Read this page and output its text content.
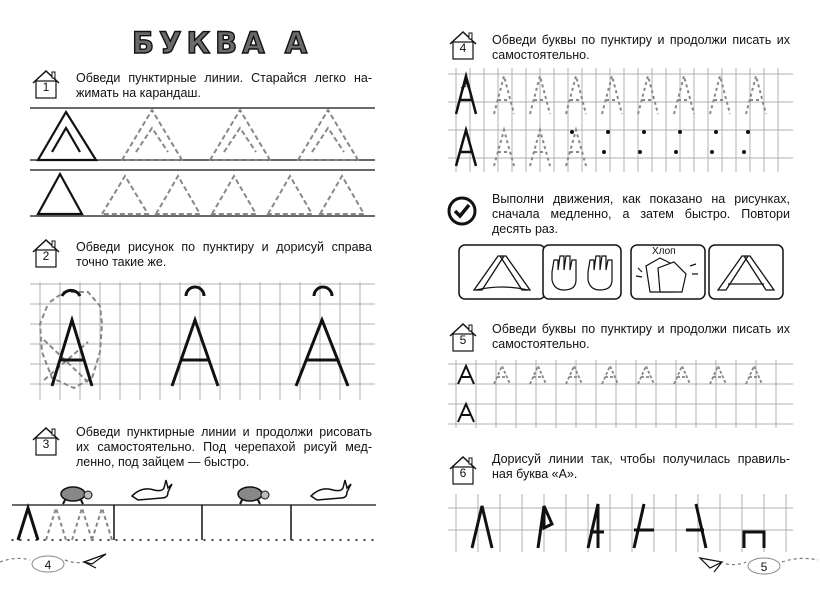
БУКВА А
1
Обведи пунктирные линии. Старайся легко на-жимать на карандаш.
2
Обведи рисунок по пунктиру и дорисуй справа точно такие же.
3
Обведи пунктирные линии и продолжи рисовать их самостоятельно. Под черепахой рисуй мед-ленно, под зайцем — быстро.
4
4
Обведи буквы по пунктиру и продолжи писать их самостоятельно.
Выполни движения, как показано на рисунках, сначала медленно, а затем быстро. Повтори десять раз.
Хлоп
5
Обведи буквы по пунктиру и продолжи писать их самостоятельно.
6
Дорисуй линии так, чтобы получилась правиль-ная буква «А».
5
